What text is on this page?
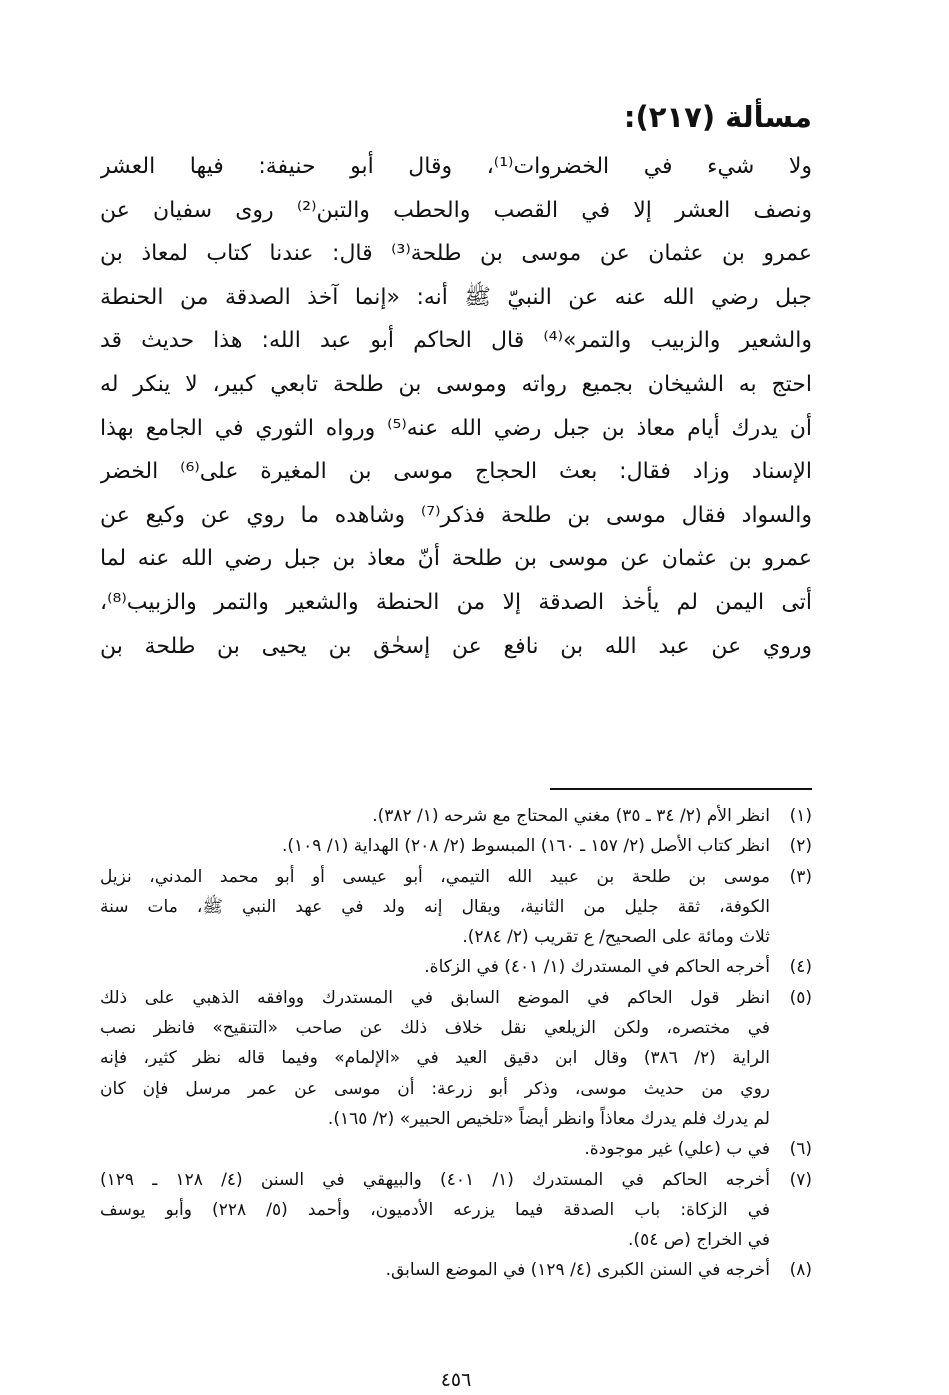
مسألة (٢١٧):
ولا شيء في الخضروات⁽¹⁾، وقال أبو حنيفة: فيها العشر
ونصف العشر إلا في القصب والحطب والتبن⁽²⁾ روى سفيان عن
عمرو بن عثمان عن موسى بن طلحة⁽³⁾ قال: عندنا كتاب لمعاذ بن
جبل رضي الله عنه عن النبيّ ﷺ أنه: «إنما آخذ الصدقة من الحنطة
والشعير والزبيب والتمر»⁽⁴⁾ قال الحاكم أبو عبد الله: هذا حديث قد
احتج به الشيخان بجميع رواته وموسى بن طلحة تابعي كبير، لا ينكر له
أن يدرك أيام معاذ بن جبل رضي الله عنه⁽⁵⁾ ورواه الثوري في الجامع بهذا
الإسناد وزاد فقال: بعث الحجاج موسى بن المغيرة على⁽⁶⁾ الخضر
والسواد فقال موسى بن طلحة فذكر⁽⁷⁾ وشاهده ما روي عن وكيع عن
عمرو بن عثمان عن موسى بن طلحة أنّ معاذ بن جبل رضي الله عنه لما
أتى اليمن لم يأخذ الصدقة إلا من الحنطة والشعير والتمر والزبيب⁽⁸⁾،
وروي عن عبد الله بن نافع عن إسحٰق بن يحيى بن طلحة بن
(١)
انظر الأم (٢/ ٣٤ ـ ٣٥) مغني المحتاج مع شرحه (١/ ٣٨٢).
(٢)
انظر كتاب الأصل (٢/ ١٥٧ ـ ١٦٠) المبسوط (٢/ ٢٠٨) الهداية (١/ ١٠٩).
(٣)
موسى بن طلحة بن عبيد الله التيمي، أبو عيسى أو أبو محمد المدني، نزيل
الكوفة، ثقة جليل من الثانية، ويقال إنه ولد في عهد النبي ﷺ، مات سنة
ثلاث ومائة على الصحيح/ ع تقريب (٢/ ٢٨٤).
(٤)
أخرجه الحاكم في المستدرك (١/ ٤٠١) في الزكاة.
(٥)
انظر قول الحاكم في الموضع السابق في المستدرك ووافقه الذهبي على ذلك
في مختصره، ولكن الزيلعي نقل خلاف ذلك عن صاحب «التنقيح» فانظر نصب
الراية (٢/ ٣٨٦) وقال ابن دقيق العيد في «الإلمام» وفيما قاله نظر كثير، فإنه
روي من حديث موسى، وذكر أبو زرعة: أن موسى عن عمر مرسل فإن كان
لم يدرك فلم يدرك معاذاً وانظر أيضاً «تلخيص الحبير» (٢/ ١٦٥).
(٦)
في ب (علي) غير موجودة.
(٧)
أخرجه الحاكم في المستدرك (١/ ٤٠١) والبيهقي في السنن (٤/ ١٢٨ ـ ١٢٩)
في الزكاة: باب الصدقة فيما يزرعه الأدميون، وأحمد (٥/ ٢٢٨) وأبو يوسف
في الخراج (ص ٥٤).
(٨)
أخرجه في السنن الكبرى (٤/ ١٢٩) في الموضع السابق.
٤٥٦
